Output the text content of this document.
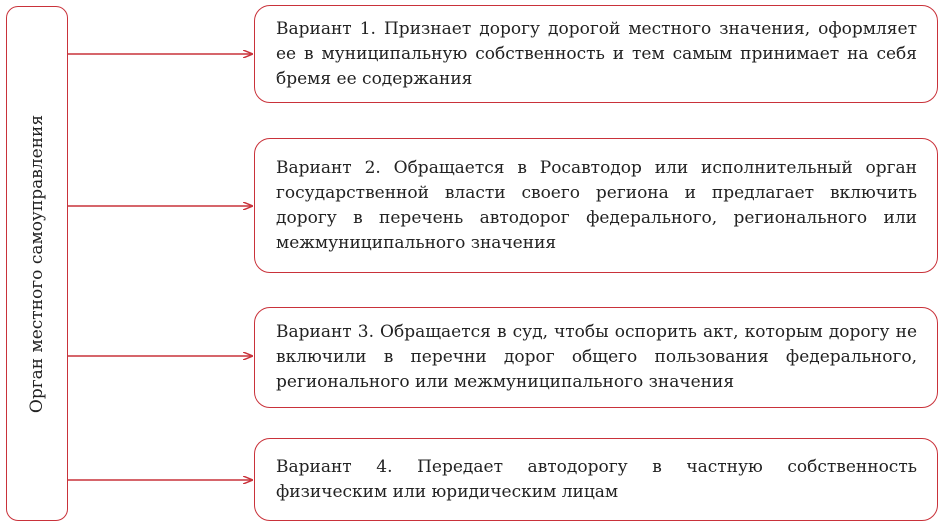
Орган местного самоуправления
Вариант 1. Признает дорогу дорогой местного значения, оформляет ее в муниципальную собственность и тем самым принимает на себя бремя ее содержания
Вариант 2. Обращается в Росавтодор или исполнительный орган государственной власти своего региона и предлагает включить дорогу в перечень автодорог федерального, регионального или межмуниципального значения
Вариант 3. Обращается в суд, чтобы оспорить акт, которым дорогу не включили в перечни дорог общего пользования федерального, регионального или межмуниципального значения
Вариант 4. Передает автодорогу в частную собственность физическим или юридическим лицам
